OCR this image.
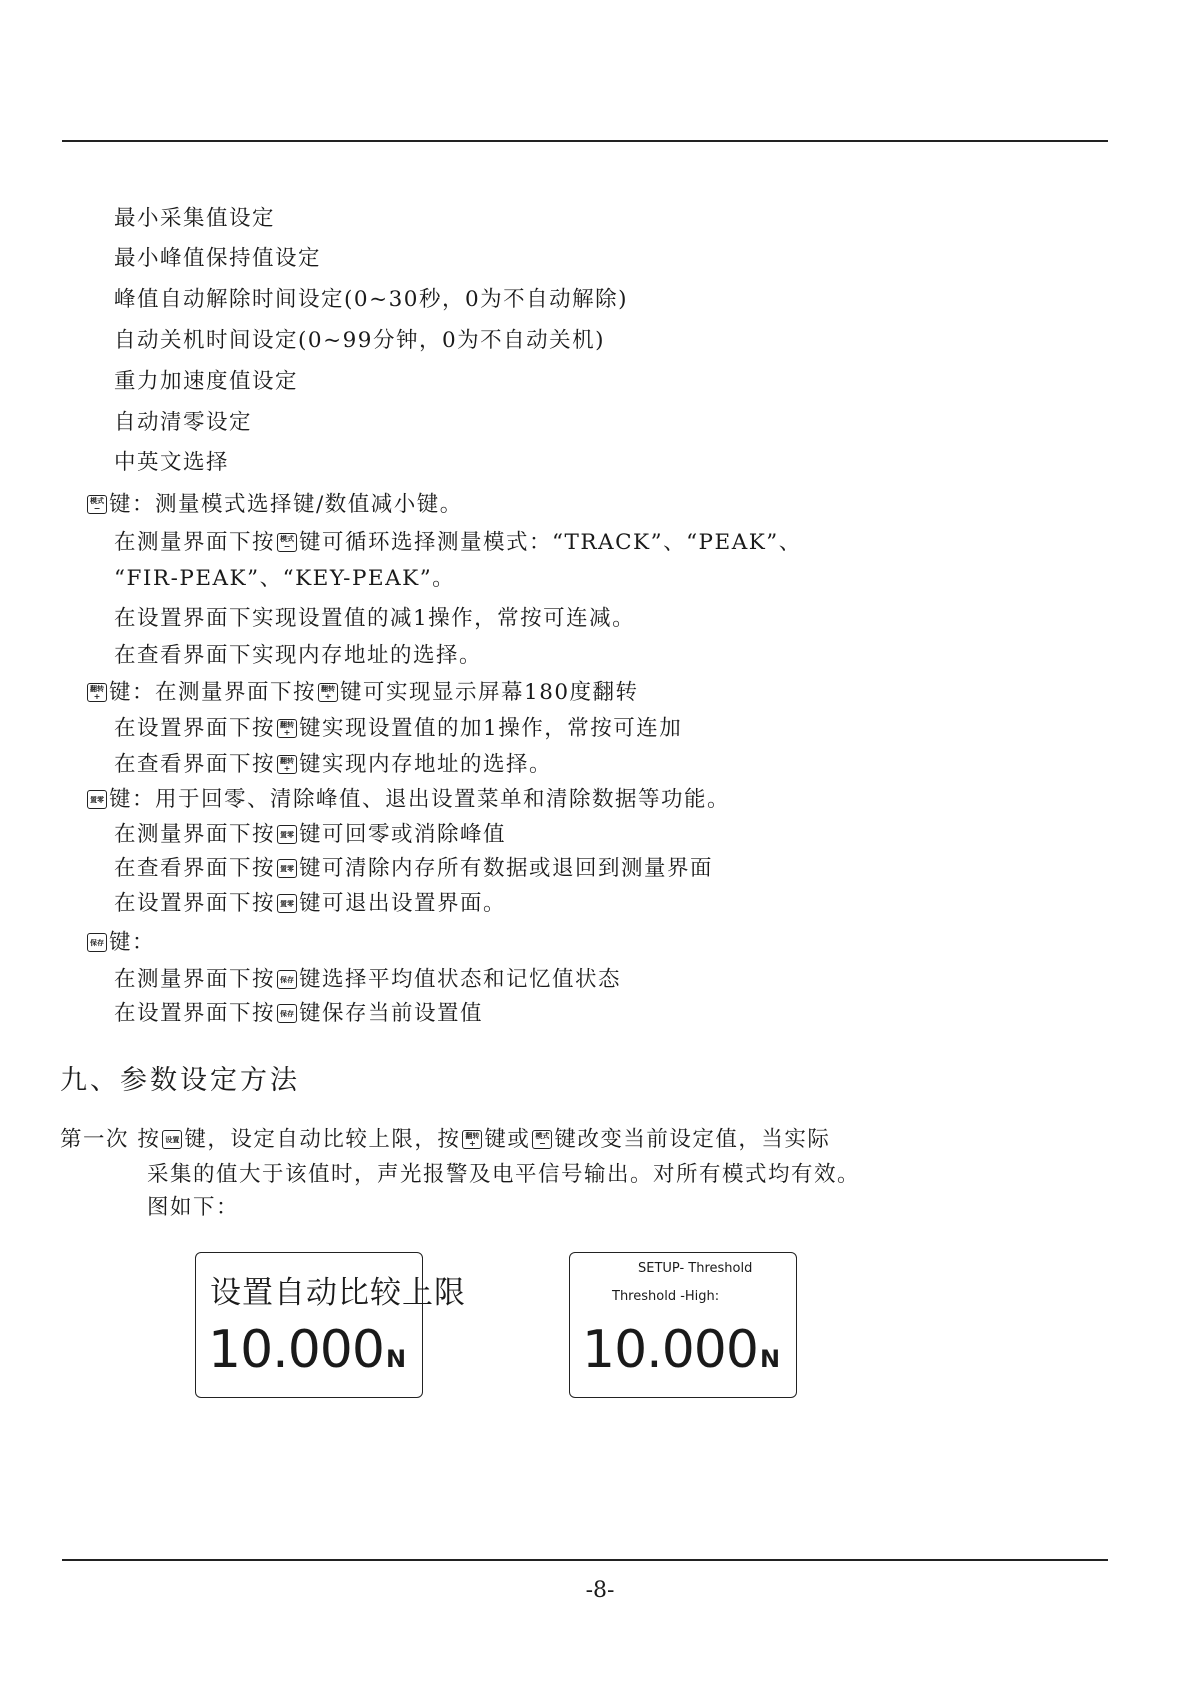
最小采集值设定
最小峰值保持值设定
峰值自动解除时间设定(0~30秒，0为不自动解除)
自动关机时间设定(0~99分钟，0为不自动关机)
重力加速度值设定
自动清零设定
中英文选择
模式
− 键：测量模式选择键/数值减小键。
在测量界面下按 模式
− 键可循环选择测量模式：“TRACK”、“PEAK”、
“FIR-PEAK”、“KEY-PEAK”。
在设置界面下实现设置值的减1操作，常按可连减。
在查看界面下实现内存地址的选择。
翻转
+ 键：在测量界面下按 翻转
+ 键可实现显示屏幕180度翻转
在设置界面下按 翻转
+ 键实现设置值的加1操作，常按可连加
在查看界面下按 翻转
+ 键实现内存地址的选择。
置零 键：用于回零、清除峰值、退出设置菜单和清除数据等功能。
在测量界面下按 置零 键可回零或消除峰值
在查看界面下按 置零 键可清除内存所有数据或退回到测量界面
在设置界面下按 置零 键可退出设置界面。
保存 键：
在测量界面下按 保存 键选择平均值状态和记忆值状态
在设置界面下按 保存 键保存当前设置值
九、参数设定方法
第一次 按 设置 键，设定自动比较上限，按 翻转
+ 键或 模式
− 键改变当前设定值，当实际
采集的值大于该值时，声光报警及电平信号输出。对所有模式均有效。
图如下：
设置自动比较上限
10.000N
SETUP- Threshold
Threshold -High:
10.000N
-8-
